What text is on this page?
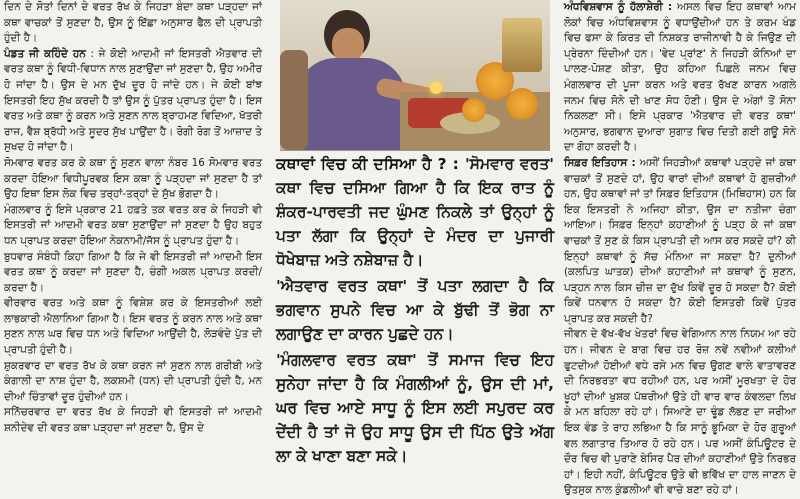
ਦਿਨ ਦੇ ਸੋਤਾਂ ਦਿਨਾਂ ਦੇ ਵਰਤ ਰੱਖ ਕੇ ਜਿਹੜਾ ਬੰਦਾ ਕਥਾ ਪੜ੍ਹਦਾ ਜਾਂ ਕਥਾ ਵਾਚਕਾਂ ਤੋਂ ਸੁਣਦਾ ਹੈ, ਉਸ ਨੂੰ ਇੱਛਾ ਅਨੁਸਾਰ ਫੈਲ ਦੀ ਪ੍ਰਾਪਤੀ ਹੁੰਦੀ ਹੈ।

ਪੰਡਤ ਜੀ ਕਹਿੰਦੇ ਹਨ : ਜੇ ਕੋਈ ਆਦਮੀ ਜਾਂ ਇਸਤਰੀ ਐਤਵਾਰ ਦੀ ਵਰਤ ਕਥਾ ਨੂੰ ਵਿਧੀ-ਵਿਧਾਨ ਨਾਲ ਸੁਣਾਉਂਦਾ ਜਾਂ ਸੁਣਦਾ ਹੈ, ਉਹ ਅਮੀਰ ਹੋ ਜਾਂਦਾ ਹੈ। ਉਸ ਦੇ ਮਨ ਦੁੱਖ ਦੂਰ ਹੋ ਜਾਂਦੇ ਹਨ। ਜੇ ਕੋਈ ਬਾਂਝ ਇਸਤਰੀ ਇਹ ਸੁੱਖ ਕਰਦੀ ਹੈ ਤਾਂ ਉਸ ਨੂੰ ਪੁੱਤਰ ਪ੍ਰਾਪਤ ਹੁੰਦਾ ਹੈ। ਇਸ ਵਰਤ ਅਤੇ ਕਥਾ ਨੂੰ ਕਰਨ ਅਤੇ ਸੁਣਨ ਨਾਲ ਬ੍ਰਾਹਮਣ ਵਿਦਿਆ, ਖੱਤਰੀ ਰਾਜ, ਵੈਸ਼ ਬ੍ਰੱਧੀ ਅਤੇ ਸੂਦਰ ਸੁੱਖ ਪਾਉਂਦਾ ਹੈ। ਰੋਗੀ ਰੋਗ ਤੋਂ ਆਜ਼ਾਦ ਤੇ ਸੁਖਦ ਹੋ ਜਾਂਦਾ ਹੈ।

ਸੋਮਵਾਰ ਵਰਤ ਕਰ ਕੇ ਕਥਾ ਨੂੰ ਸੁਣਨ ਵਾਲਾ ਨੰਬਰ 16 ਸੋਮਵਾਰ ਵਰਤ ਕਰਦਾ ਹੋਇਆ ਵਿਧੀਪੂਰਵਕ ਇਸ ਕਥਾ ਨੂੰ ਪੜ੍ਹਦਾ ਜਾਂ ਸੁਣਦਾ ਹੈ ਤਾਂ ਉਹ ਇਥਾ ਇਸ ਲੋਕ ਵਿਚ ਤਰ੍ਹਾਂ-ਤਰ੍ਹਾਂ ਦੇ ਸੁੱਖ ਭੋਗਦਾ ਹੈ।

ਮੰਗਲਵਾਰ ਨੂੰ ਇਸੇ ਪ੍ਰਕਾਰ 21 ਹਫ਼ਤੇ ਤਕ ਵਰਤ ਕਰ ਕੇ ਜਿਹੜੀ ਵੀ ਇਸਤਰੀ ਜਾਂ ਆਦਮੀ ਵਰਤ ਕਥਾ ਸੁਣਾਉਂਦਾ ਜਾਂ ਸੁਣਦਾ ਹੈ ਉਹ ਬਹੁਤ ਧਨ ਪ੍ਰਾਪਤ ਕਰਦਾ ਹੋਇਆ ਨੇਕਨਾਮੀ/ਜੱਸ ਨੂੰ ਪ੍ਰਾਪਤ ਹੁੰਦਾ ਹੈ।

ਬੁਧਵਾਰ ਸੰਬੰਧੀ ਕਿਹਾ ਗਿਆ ਹੈ ਕਿ ਜੇ ਵੀ ਇਸਤਰੀ ਜਾਂ ਆਦਮੀ ਇਸ ਵਰਤ ਕਥਾ ਨੂੰ ਕਰਦਾ ਜਾਂ ਸੁਣਦਾ ਹੈ, ਚੰਗੀ ਅਕਲ ਪ੍ਰਾਪਤ ਕਰਦੀ/ਕਰਦਾ ਹੈ।

ਵੀਰਵਾਰ ਵਰਤ ਅਤੇ ਕਥਾ ਨੂੰ ਵਿਸ਼ੇਸ਼ ਕਰ ਕੇ ਇਸਤਰੀਆਂ ਲਈ ਲਾਭਕਾਰੀ ਐਲਾਨਿਆ ਗਿਆ ਹੈ। ਇਸ ਵਰਤ ਨੂੰ ਕਰਨ ਨਾਲ ਅਤੇ ਕਥਾ ਸੁਣਨ ਨਾਲ ਘਰ ਵਿਚ ਧਨ ਅਤੇ ਵਿਦਿਆ ਆਉਂਦੀ ਹੈ, ਲੋੜਵੰਦੇ ਪੁੱਤ ਦੀ ਪ੍ਰਾਪਤੀ ਹੁੰਦੀ ਹੈ।

ਸ਼ੁਕਰਵਾਰ ਦਾ ਵਰਤ ਰੱਖ ਕੇ ਕਥਾ ਕਰਨ ਜਾਂ ਸੁਣਨ ਨਾਲ ਗਰੀਬੀ ਅਤੇ ਕੰਗਾਲੀ ਦਾ ਨਾਸ਼ ਹੁੰਦਾ ਹੈ, ਲਕਸ਼ਮੀ (ਧਨ) ਦੀ ਪ੍ਰਾਪਤੀ ਹੁੰਦੀ ਹੈ, ਮਨ ਦੀਆਂ ਚਿੰਤਾਵਾਂ ਦੂਰ ਹੁੰਦੀਆਂ ਹਨ।

ਸਨਿੱਚਰਵਾਰ ਦਾ ਵਰਤ ਰੱਖ ਕੇ ਜਿਹੜੀ ਵੀ ਇਸਤਰੀ ਜਾਂ ਆਦਮੀ ਸ਼ਨੀਦੇਵ ਦੀ ਵਰਤ ਕਥਾ ਪੜ੍ਹਦਾ ਜਾਂ ਸੁਣਦਾ ਹੈ, ਉਸ ਦੇ

ਕਥਾਵਾਂ ਵਿਚ ਕੀ ਦਸਿਆ ਹੈ ? : 'ਸੋਮਵਾਰ ਵਰਤ' ਕਥਾ ਵਿਚ ਦਸਿਆ ਗਿਆ ਹੈ ਕਿ ਇਕ ਰਾਤ ਨੂੰ ਸ਼ੰਕਰ-ਪਾਰਵਤੀ ਜਦ ਘੁੰਮਣ ਨਿਕਲੇ ਤਾਂ ਉਨ੍ਹਾਂ ਨੂੰ ਪਤਾ ਲੱਗਾ ਕਿ ਉਨ੍ਹਾਂ ਦੇ ਮੰਦਰ ਦਾ ਪੁਜਾਰੀ ਧੋਖੇਬਾਜ਼ ਅਤੇ ਨਸ਼ੇਬਾਜ਼ ਹੈ।

'ਐਤਵਾਰ ਵਰਤ ਕਥਾ' ਤੋਂ ਪਤਾ ਲਗਦਾ ਹੈ ਕਿ ਭਗਵਾਨ ਸੁਪਨੇ ਵਿਚ ਆ ਕੇ ਬੁੱਢੀ ਤੋਂ ਭੋਗ ਨਾ ਲਗਾਉਣ ਦਾ ਕਾਰਨ ਪੁਛਦੇ ਹਨ।

'ਮੰਗਲਵਾਰ ਵਰਤ ਕਥਾ' ਤੋਂ ਸਮਾਜ ਵਿਚ ਇਹ ਸੁਨੇਹਾ ਜਾਂਦਾ ਹੈ ਕਿ ਮੰਗਲੀਆਂ ਨੂੰ, ਉਸ ਦੀ ਮਾਂ, ਘਰ ਵਿਚ ਆਏ ਸਾਧੂ ਨੂੰ ਇਸ ਲਈ ਸਪੁਰਦ ਕਰ ਦੇਂਦੀ ਹੈ ਤਾਂ ਜੋ ਉਹ ਸਾਧੂ ਉਸ ਦੀ ਪਿੱਠ ਉਤੇ ਅੱਗ ਲਾ ਕੇ ਖਾਣਾ ਬਣਾ ਸਕੇ।

ਅੰਧਵਿਸ਼ਵਾਸ ਨੂੰ ਹੱਲਾਸ਼ੇਰੀ : ਅਸਲ ਵਿਚ ਇਹ ਕਥਾਵਾਂ ਆਮ ਲੋਕਾਂ ਵਿਚ ਅੰਧਵਿਸ਼ਵਾਸ ਨੂੰ ਵਧਾਉਂਦੀਆਂ ਹਨ ਤੇ ਕਰਮ ਖੰਡ ਵਿਚ ਫਸਾ ਕੇ ਕਿਰਤ ਦੀ ਨਿਸ਼ਕਤ ਰਾਜੀਨਾਵੀ ਹੈ ਕੇ ਜਿਉਣ ਦੀ ਪ੍ਰੇਰਨਾ ਦਿੰਦੀਆਂ ਹਨ। 'ਵੇਦ ਪ੍ਰਾਂਣ' ਨੇ ਜਿਹੜੀ ਕੋਨਿਆਂ ਦਾ ਪਾਲਣ-ਪੋਸ਼ਣ ਕੀਤਾ, ਉਹ ਕਹਿਆ ਪਿਛਲੇ ਜਨਮ ਵਿਚ ਮੰਗਲਵਾਰ ਦੀ ਪੂਜਾ ਕਰਨ ਅਤੇ ਵਰਤ ਰੱਖਣ ਕਾਰਨ ਅਗਲੇ ਜਨਮ ਵਿਚ ਸੋਨੇ ਦੀ ਖਾਣ ਸੋਧ ਹੋਣੀ। ਉਸ ਦੇ ਅੰਗਾਂ ਤੋਂ ਸੋਨਾ ਨਿਕਲਣਾ ਸੀ। ਇਸੇ ਪ੍ਰਕਾਰ 'ਐਤਵਾਰ ਦੀ ਵਰਤ ਕਥਾ' ਅਨੁਸਾਰ, ਭਗਵਾਨ ਦੁਆਰਾ ਸੁਗਾਤ ਵਿਚ ਦਿਤੀ ਗਈ ਗਊ ਸੋਨੇ ਦਾ ਗੋਹਾ ਕਰਦੀ ਹੈ।

ਸਿਫ਼ਰ ਇਤਿਹਾਸ : ਅਸੀਂ ਜਿਹੜੀਆਂ ਕਥਾਵਾਂ ਪੜ੍ਹਦੇ ਜਾਂ ਕਥਾ ਵਾਚਕਾਂ ਤੋਂ ਸੁਣਦੇ ਹਾਂ, ਉਹ ਵਾਰਾਂ ਦੀਆਂ ਕਥਾਵਾਂ ਹੋ ਗੁਜ਼ਰੀਆਂ ਹਨ, ਉਹ ਕਥਾਵਾਂ ਜਾਂ ਤਾਂ ਸਿਫ਼ਰ ਇਤਿਹਾਸ (ਮਿਥਿਹਾਸ) ਹਨ ਕਿ ਇਕ ਇਸਤਰੀ ਨੇ ਅਜਿਹਾ ਕੀਤਾ, ਉਸ ਦਾ ਨਤੀਜਾ ਚੰਗਾ ਆਇਆ। ਸਿਫ਼ਰ ਇਨ੍ਹਾਂ ਕਹਾਣੀਆਂ ਨੂੰ ਪੜ੍ਹ ਕੇ ਜਾਂ ਕਥਾ ਵਾਚਕਾਂ ਤੋਂ ਸੁਣ ਕੇ ਕਿਸ ਪ੍ਰਾਪਤੀ ਦੀ ਆਸ ਕਰ ਸਕਦੇ ਹਾਂ? ਕੀ ਇਨ੍ਹਾਂ ਕਥਾਵਾਂ ਨੂੰ ਸੱਚ ਮੰਨਿਆ ਜਾ ਸਕਦਾ ਹੈ? ਦੁਨੀਆਂ (ਕਲਪਿਤ ਘਾਤਕ) ਦੀਆਂ ਕਹਾਣੀਆਂ ਜਾਂ ਕਥਾਵਾਂ ਨੂੰ ਸੁਣਨ, ਪੜ੍ਹਨ ਨਾਲ ਕਿਸ ਚੀਜ਼ ਦਾ ਦੁੱਖ ਕਿਵੇਂ ਦੂਰ ਹੋ ਸਕਦਾ ਹੈ? ਕੋਈ ਕਿਵੇਂ ਧਨਵਾਨ ਹੋ ਸਕਦਾ ਹੈ? ਕੋਈ ਇਸਤਰੀ ਕਿਵੇਂ ਪੁੱਤਰ ਪ੍ਰਾਪਤ ਕਰ ਸਕਦੀ ਹੈ?

ਜੀਵਨ ਦੇ ਵੱਖ-ਵੱਖ ਖੇਤਰਾਂ ਵਿਚ ਵੇਗਿਆਨ ਨਾਲ ਨਿਯਮ ਆ ਰਹੇ ਹਨ। ਜੀਵਨ ਦੇ ਬਾਗ ਵਿਚ ਹਰ ਰੋਜ਼ ਨਵੇਂ ਨਵੀਆਂ ਕਲੀਆਂ ਫੁਟਦੀਆਂ ਹੋਈਆਂ ਵਧੇ ਰਸੇ ਮਨ ਵਿਚ ਉਗਣ ਵਾਲੇ ਵਾਤਾਵਰਣ ਦੀ ਨਿਰਭਰਤਾ ਵਧ ਰਹੀਆਂ ਹਨ, ਪਰ ਅਸੀਂ ਮੂਰਖਤਾ ਦੇ ਹੋਰ ਖੂਹਾਂ ਦੀਆਂ ਖੁਸ਼ਕ ਪੱਥਰੀਆਂ ਉਤੇ ਹੀ ਵਾਰ ਵਾਰ ਕੰਵਲਦਾ ਲਿਖ ਕੇ ਮਨ ਬਹਿਲਾ ਰਹੇ ਹਾਂ। ਸਿਆਣੇ ਦਾ ਢੂੰਡ ਲੱਭਣ ਦਾ ਜਰੀਆ ਇਕ ਵੰਡ ਤੇ ਰਾਹ ਲਭਿਆ ਹੈ ਕਿ ਸਾਨੂੰ ਭੂਮਿਕਾ ਦੇ ਹੋਰ ਗੁਰੂਆਂ ਵਲ ਲਗਾਤਾਰ ਤਿਆਰ ਹੋ ਰਹੇ ਹਨ। ਪਰ ਅਸੀਂ ਕੰਪਿਊਟਰ ਦੇ ਦੌਰ ਵਿਚ ਵੀ ਪੁਰਾਣੇ ਬੇਸਿਰ ਪੈਰ ਦੀਆਂ ਕਹਾਣੀਆਂ ਉਤੇ ਨਿਰਭਰ ਹਾਂ। ਇਹੀ ਨਹੀਂ, ਕੰਪਿਊਟਰ ਉਤੇ ਵੀ ਭਵਿੱਖ ਦਾ ਹਾਲ ਜਾਣਨ ਦੇ ਉਤਸੁਕ ਨਾਲ ਕੁੰਡਲੀਆਂ ਵੀ ਵਾਚੇ ਬਣਾ ਰਹੇ ਹਾਂ।
